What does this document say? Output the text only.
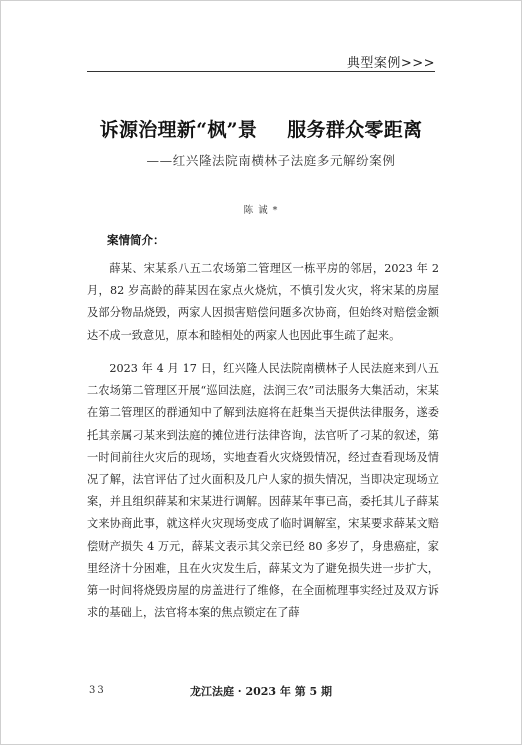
典型案例>>>
诉源治理新“枫”景 服务群众零距离
——红兴隆法院南横林子法庭多元解纷案例
陈 诚 *
案情简介：

薛某、宋某系八五二农场第二管理区一栋平房的邻居，2023 年 2 月，82 岁高龄的薛某因在家点火烧炕，不慎引发火灾，将宋某的房屋及部分物品烧毁，两家人因损害赔偿问题多次协商，但始终对赔偿金额达不成一致意见，原本和睦相处的两家人也因此事生疏了起来。

2023 年 4 月 17 日，红兴隆人民法院南横林子人民法庭来到八五二农场第二管理区开展“巡回法庭，法润三农”司法服务大集活动，宋某在第二管理区的群通知中了解到法庭将在赶集当天提供法律服务，遂委托其亲属刁某来到法庭的摊位进行法律咨询，法官听了刁某的叙述，第一时间前往火灾后的现场，实地查看火灾烧毁情况，经过查看现场及情况了解，法官评估了过火面积及几户人家的损失情况，当即决定现场立案，并且组织薛某和宋某进行调解。因薛某年事已高，委托其儿子薛某文来协商此事，就这样火灾现场变成了临时调解室，宋某要求薛某文赔偿财产损失 4 万元，薛某文表示其父亲已经 80 多岁了，身患癌症，家里经济十分困难，且在火灾发生后，薛某文为了避免损失进一步扩大，第一时间将烧毁房屋的房盖进行了维修，在全面梳理事实经过及双方诉求的基础上，法官将本案的焦点锁定在了薛

33	龙江法庭 · 2023 年 第 5 期
